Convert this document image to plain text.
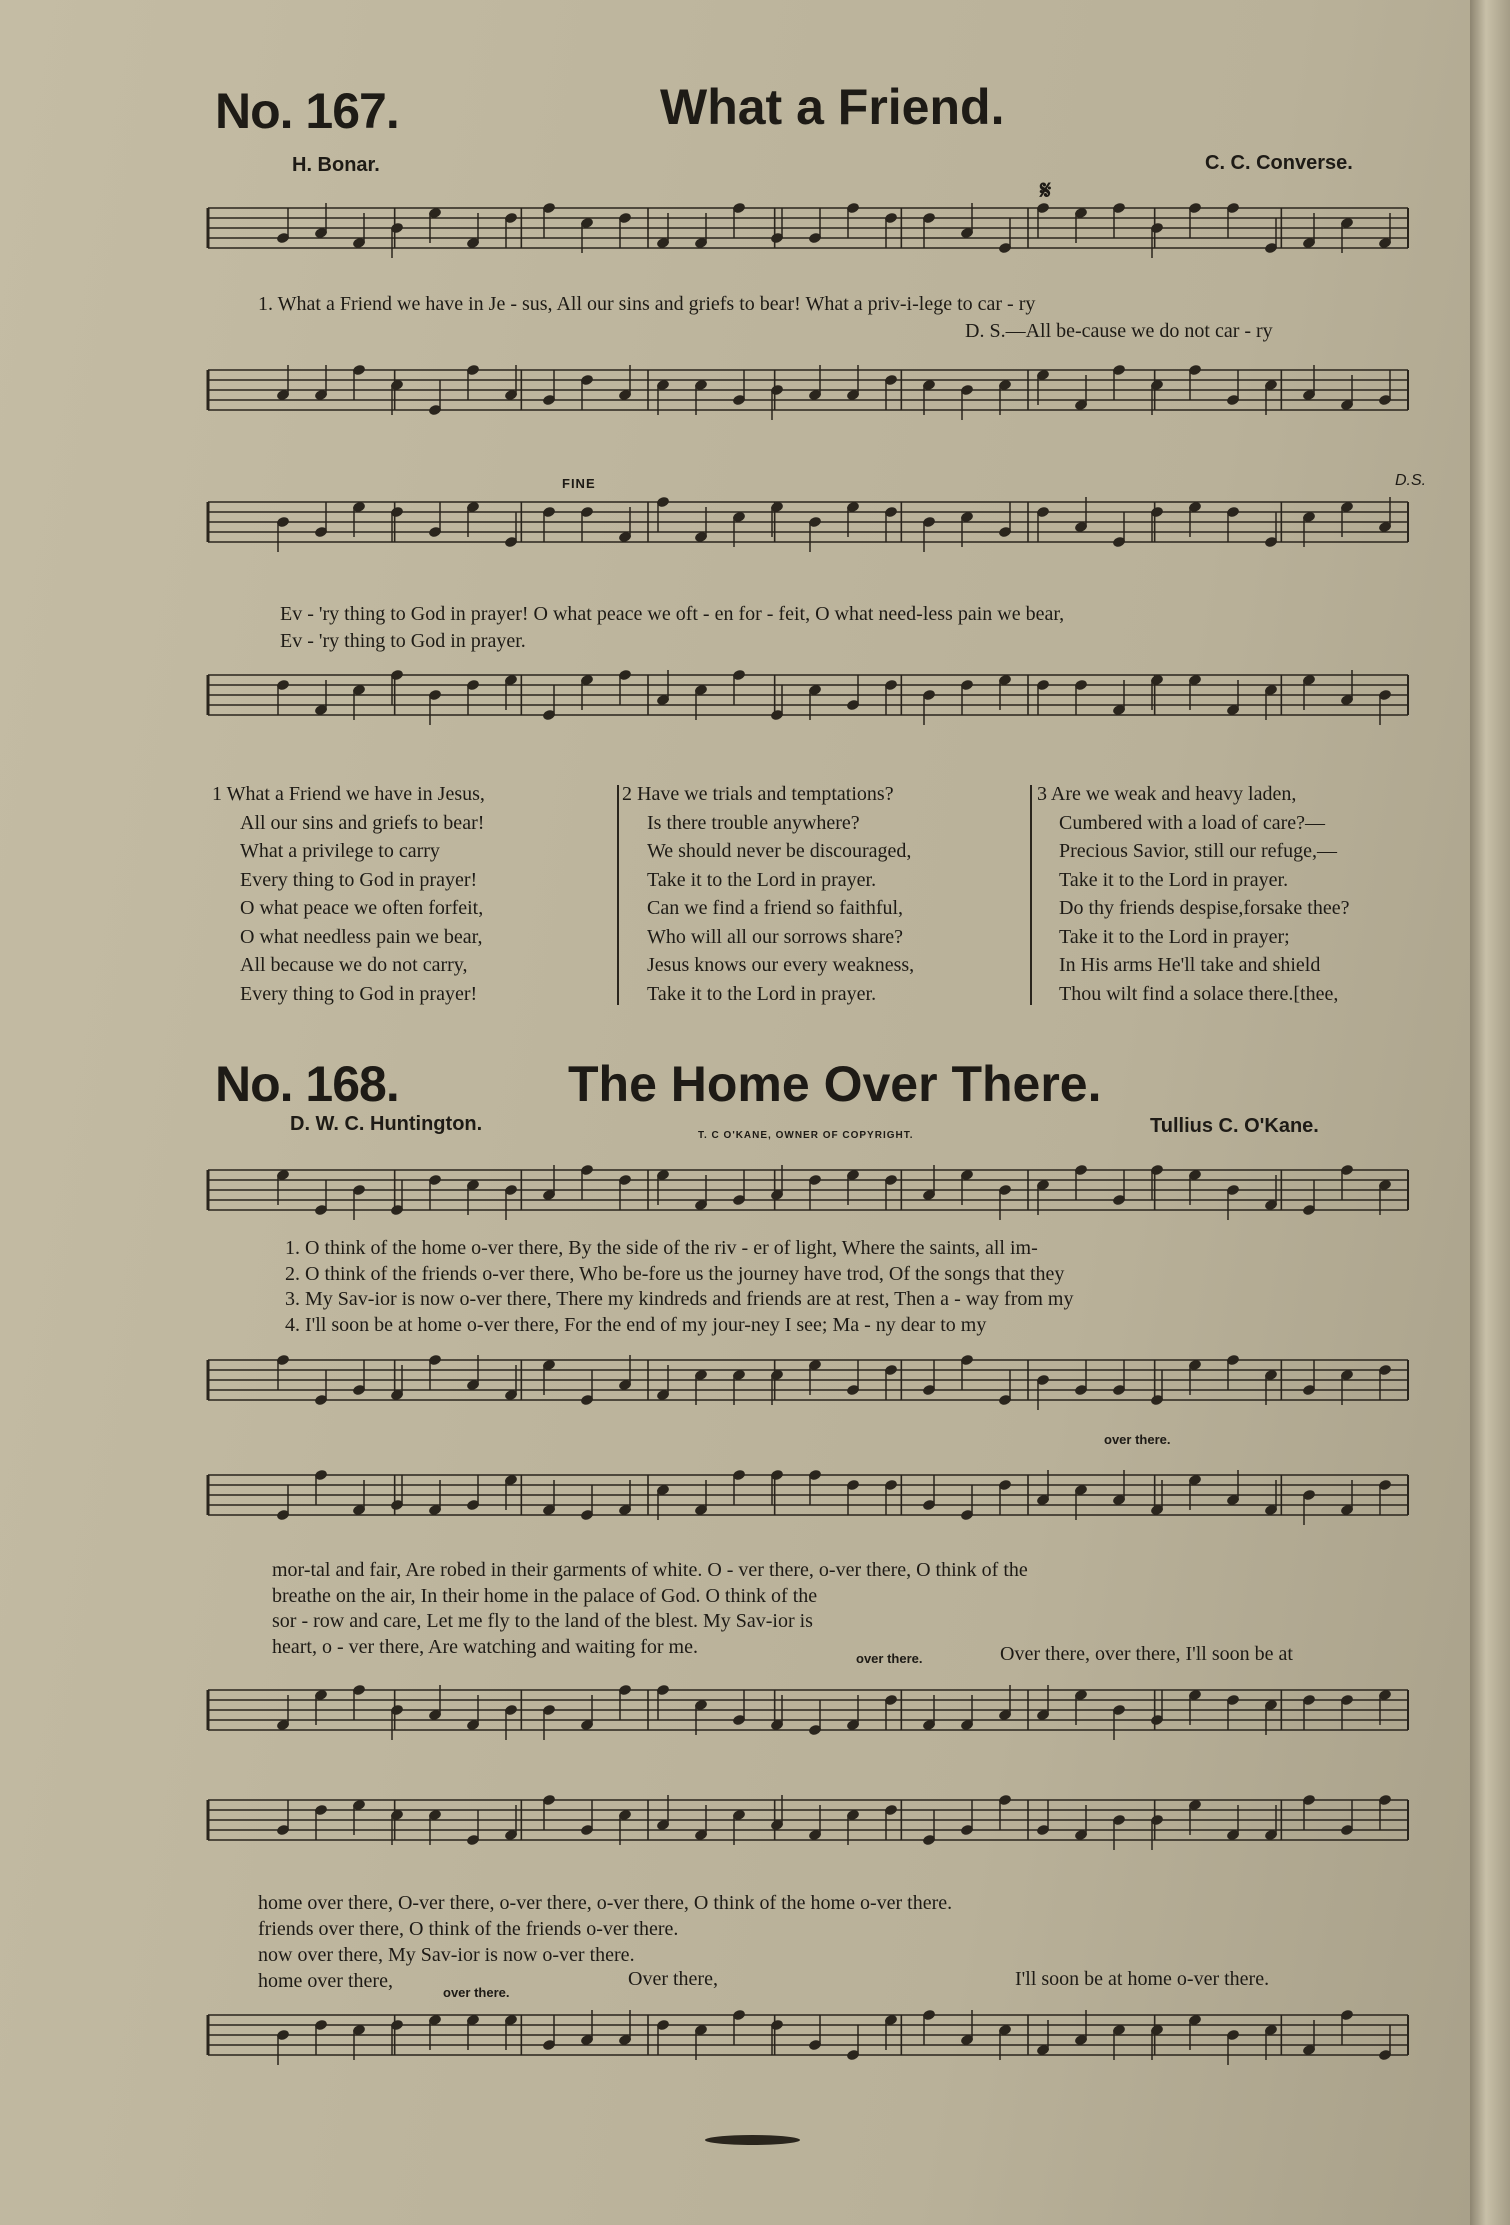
No. 167.	What a Friend.
H. Bonar.
𝄋
C. C. Converse.
1. What a Friend we have in Je - sus, All our sins and griefs to bear! What a priv-i-lege to car - ry
D. S.—All be-cause we do not car - ry
FINE	D.S.
Ev - 'ry thing to God in prayer! O what peace we oft - en for - feit, O what need-less pain we bear,
Ev - 'ry thing to God in prayer.
1 What a Friend we have in Jesus,
All our sins and griefs to bear!
What a privilege to carry
Every thing to God in prayer!
O what peace we often forfeit,
O what needless pain we bear,
All because we do not carry,
Every thing to God in prayer!
2 Have we trials and temptations?
Is there trouble anywhere?
We should never be discouraged,
Take it to the Lord in prayer.
Can we find a friend so faithful,
Who will all our sorrows share?
Jesus knows our every weakness,
Take it to the Lord in prayer.
3 Are we weak and heavy laden,
Cumbered with a load of care?—
Precious Savior, still our refuge,—
Take it to the Lord in prayer.
Do thy friends despise,forsake thee?
Take it to the Lord in prayer;
In His arms He'll take and shield
Thou wilt find a solace there.[thee,
No. 168.	The Home Over There.
D. W. C. Huntington.
T. C O'KANE, OWNER OF COPYRIGHT.	Tullius C. O'Kane.
1. O think of the home o-ver there, By the side of the riv - er of light, Where the saints, all im-
2. O think of the friends o-ver there, Who be-fore us the journey have trod, Of the songs that they
3. My Sav-ior is now o-ver there, There my kindreds and friends are at rest, Then a - way from my
4. I'll soon be at home o-ver there, For the end of my jour-ney I see; Ma - ny dear to my
over there.
mor-tal and fair, Are robed in their garments of white. O - ver there, o-ver there, O think of the
breathe on the air, In their home in the palace of God. O think of the
sor - row and care, Let me fly to the land of the blest. My Sav-ior is
heart, o - ver there, Are watching and waiting for me.
over there.	Over there, over there, I'll soon be at
home over there, O-ver there, o-ver there, o-ver there, O think of the home o-ver there.
friends over there, O think of the friends o-ver there.
now over there, My Sav-ior is now o-ver there.
home over there,
over there.
Over there,	I'll soon be at home o-ver there.
